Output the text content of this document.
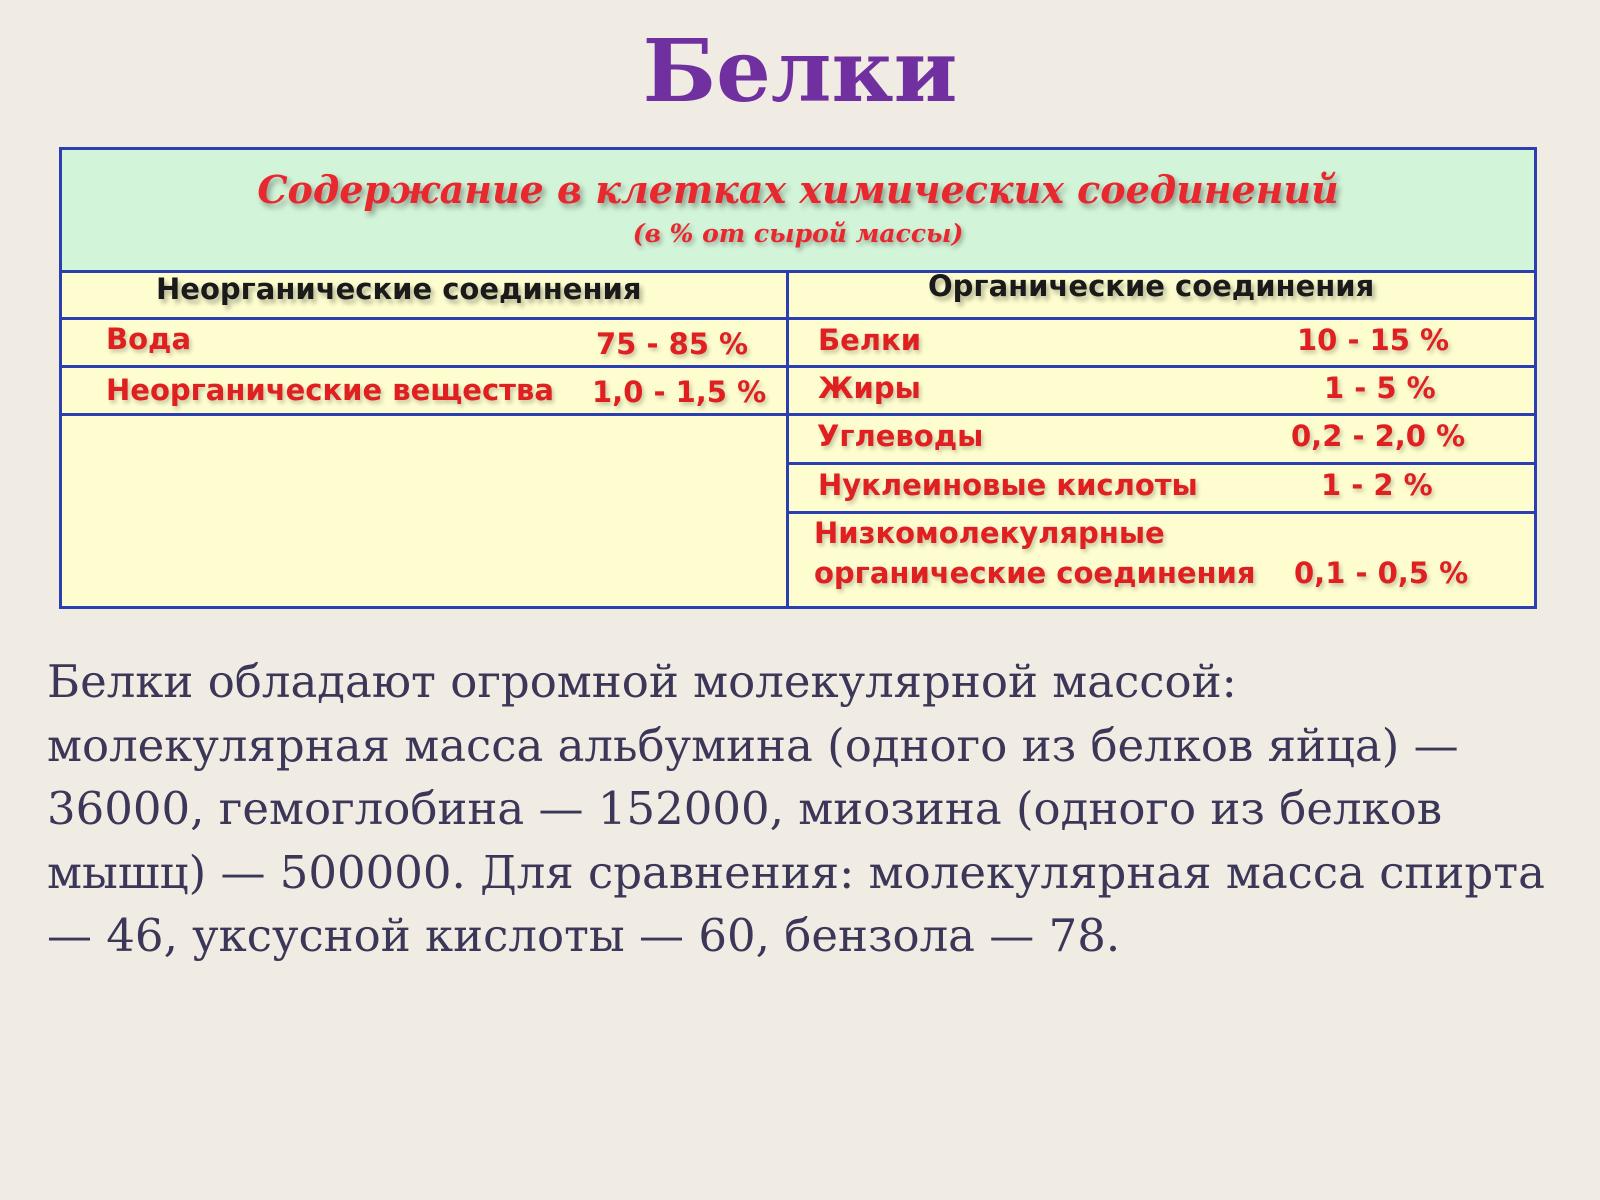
Белки
Содержание в клетках химических соединений
(в % от сырой массы)
Неорганические соединения	Органические соединения
Вода	75 - 85 %
Неорганические вещества 1,0 - 1,5 %
Белки	10 - 15 %
Жиры	1 - 5 %
Углеводы	0,2 - 2,0 %
Нуклеиновые кислоты	1 - 2 %
Низкомолекулярные
органические соединения 0,1 - 0,5 %

Белки обладают огромной молекулярной массой: молекулярная масса альбумина (одного из белков яйца) — 36000, гемоглобина — 152000, миозина (одного из белков мышц) — 500000. Для сравнения: молекулярная масса спирта — 46, уксусной кислоты — 60, бензола — 78.
